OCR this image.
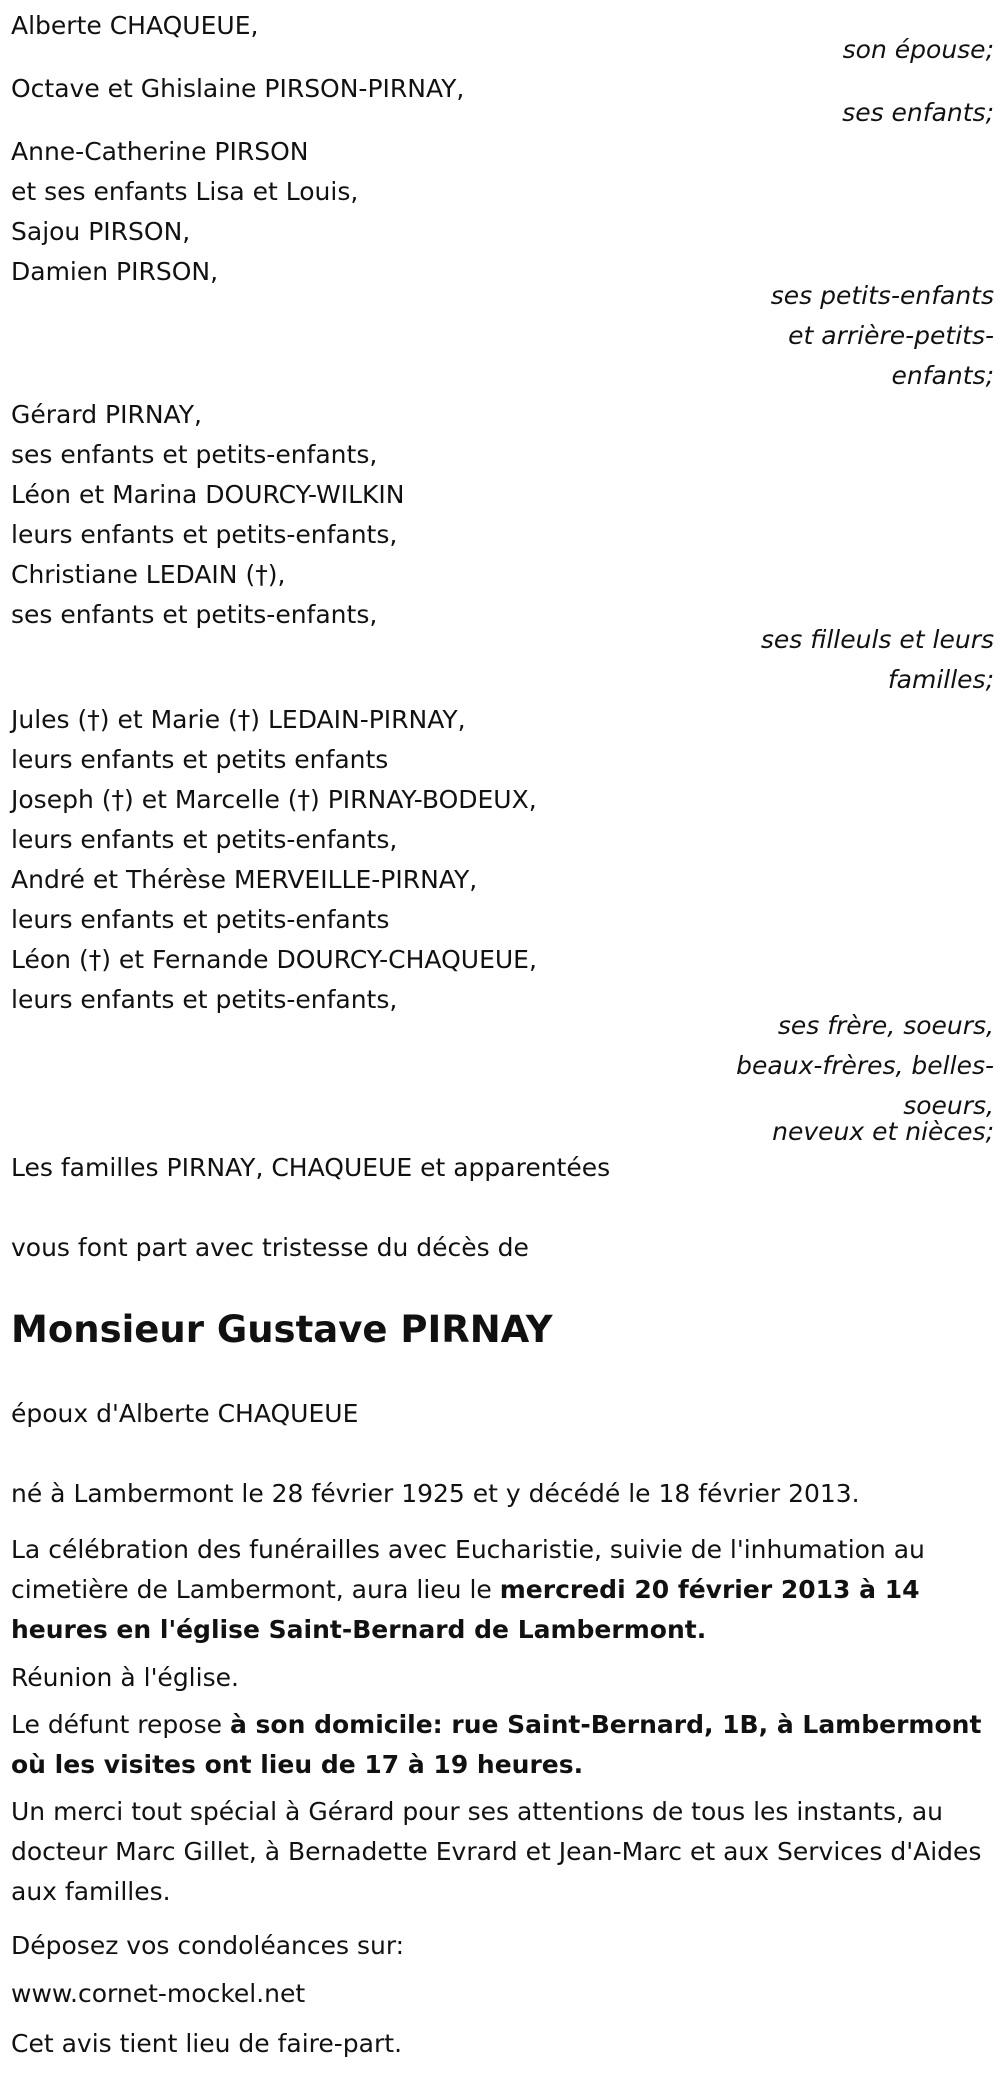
Alberte CHAQUEUE,
son épouse;
Octave et Ghislaine PIRSON-PIRNAY,
ses enfants;
Anne-Catherine PIRSON
et ses enfants Lisa et Louis,
Sajou PIRSON,
Damien PIRSON,
ses petits-enfants
et arrière-petits-
enfants;
Gérard PIRNAY,
ses enfants et petits-enfants,
Léon et Marina DOURCY-WILKIN
leurs enfants et petits-enfants,
Christiane LEDAIN (†),
ses enfants et petits-enfants,
ses filleuls et leurs
familles;
Jules (†) et Marie (†) LEDAIN-PIRNAY,
leurs enfants et petits enfants
Joseph (†) et Marcelle (†) PIRNAY-BODEUX,
leurs enfants et petits-enfants,
André et Thérèse MERVEILLE-PIRNAY,
leurs enfants et petits-enfants
Léon (†) et Fernande DOURCY-CHAQUEUE,
leurs enfants et petits-enfants,
ses frère, soeurs,
beaux-frères, belles-
soeurs,
neveux et nièces;
Les familles PIRNAY, CHAQUEUE et apparentées
vous font part avec tristesse du décès de
Monsieur Gustave PIRNAY
époux d'Alberte CHAQUEUE
né à Lambermont le 28 février 1925 et y décédé le 18 février 2013.
La célébration des funérailles avec Eucharistie, suivie de l'inhumation au cimetière de Lambermont, aura lieu le mercredi 20 février 2013 à 14 heures en l'église Saint-Bernard de Lambermont.
Réunion à l'église.
Le défunt repose à son domicile: rue Saint-Bernard, 1B, à Lambermont où les visites ont lieu de 17 à 19 heures.
Un merci tout spécial à Gérard pour ses attentions de tous les instants, au docteur Marc Gillet, à Bernadette Evrard et Jean-Marc et aux Services d'Aides aux familles.
Déposez vos condoléances sur:
www.cornet-mockel.net
Cet avis tient lieu de faire-part.
